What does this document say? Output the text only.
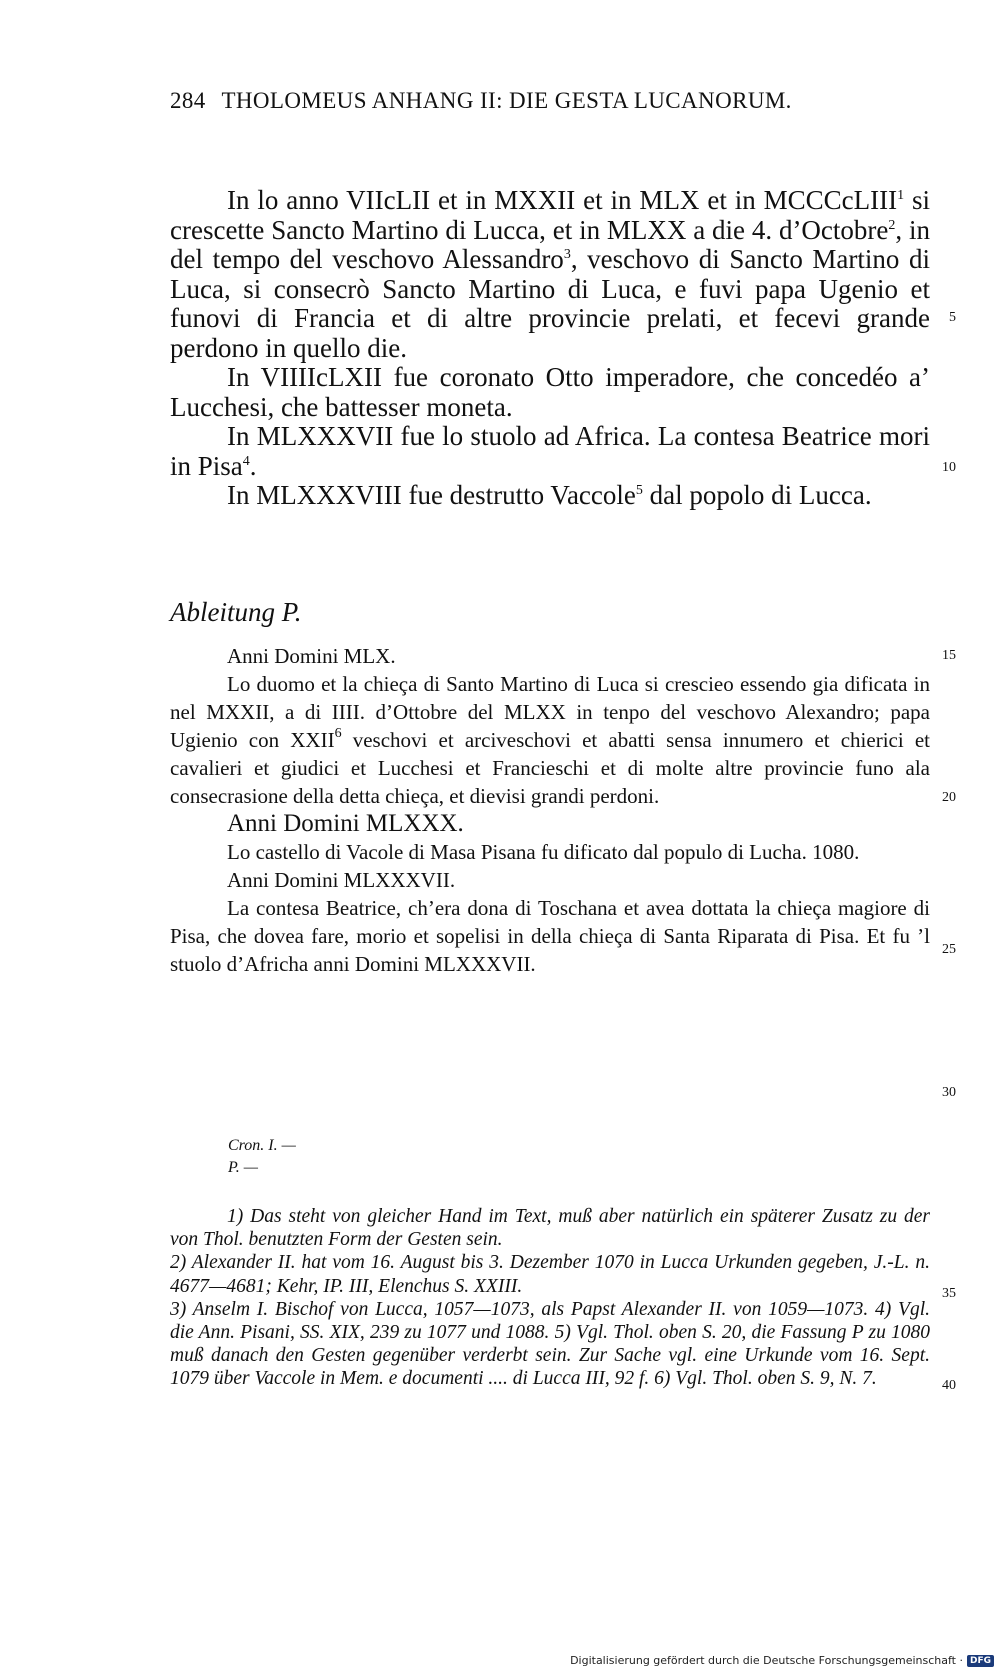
284 THOLOMEUS ANHANG II: DIE GESTA LUCANORUM.

In lo anno VIIcLII et in MXXII et in MLX et in MCCCcLIII$^1$ si crescette Sancto Martino di Lucca, et in MLXX a die 4. d’Octobre$^2$, in del tempo del veschovo Alessandro$^3$, veschovo di Sancto Martino di Luca, si consecrò Sancto Martino di Luca, e fuvi papa Ugenio et funovi di Francia et di altre provincie prelati, et fecevi grande perdono in quello die.

In VIIIIcLXII fue coronato Otto imperadore, che concedéo a’ Lucchesi, che battesser moneta.

In MLXXXVII fue lo stuolo ad Africa. La contesa Beatrice mori in Pisa$^4$.

In MLXXXVIII fue destrutto Vaccole$^5$ dal popolo di Lucca.

Ableitung P.

Anni Domini MLX.

Lo duomo et la chieça di Santo Martino di Luca si crescieo essendo gia dificata in nel MXXII, a di IIII. d’Ottobre del MLXX in tenpo del veschovo Alexandro; papa Ugienio con XXII$^6$ veschovi et arciveschovi et abatti sensa innumero et chierici et cavalieri et giudici et Lucchesi et Francieschi et di molte altre provincie funo ala consecrasione della detta chieça, et dievisi grandi perdoni.

Anni Domini MLXXX.

Lo castello di Vacole di Masa Pisana fu dificato dal populo di Lucha. 1080.

Anni Domini MLXXXVII.

La contesa Beatrice, ch’era dona di Toschana et avea dottata la chieça magiore di Pisa, che dovea fare, morio et sopelisi in della chieça di Santa Riparata di Pisa. Et fu ’l stuolo d’Africha anni Domini MLXXXVII.

Cron. I. —
P. —

1) Das steht von gleicher Hand im Text, muß aber natürlich ein späterer Zusatz zu der von Thol. benutzten Form der Gesten sein.

2) Alexander II. hat vom 16. August bis 3. Dezember 1070 in Lucca Urkunden gegeben, J.-L. n. 4677—4681; Kehr, IP. III, Elenchus S. XXIII.

3) Anselm I. Bischof von Lucca, 1057—1073, als Papst Alexander II. von 1059—1073. 4) Vgl. die Ann. Pisani, SS. XIX, 239 zu 1077 und 1088. 5) Vgl. Thol. oben S. 20, die Fassung P zu 1080 muß danach den Gesten gegenüber verderbt sein. Zur Sache vgl. eine Urkunde vom 16. Sept. 1079 über Vaccole in Mem. e documenti .... di Lucca III, 92 f. 6) Vgl. Thol. oben S. 9, N. 7.

5
10
15
20
25
30
35
40
Digitalisierung gefördert durch die Deutsche Forschungsgemeinschaft · DFG
